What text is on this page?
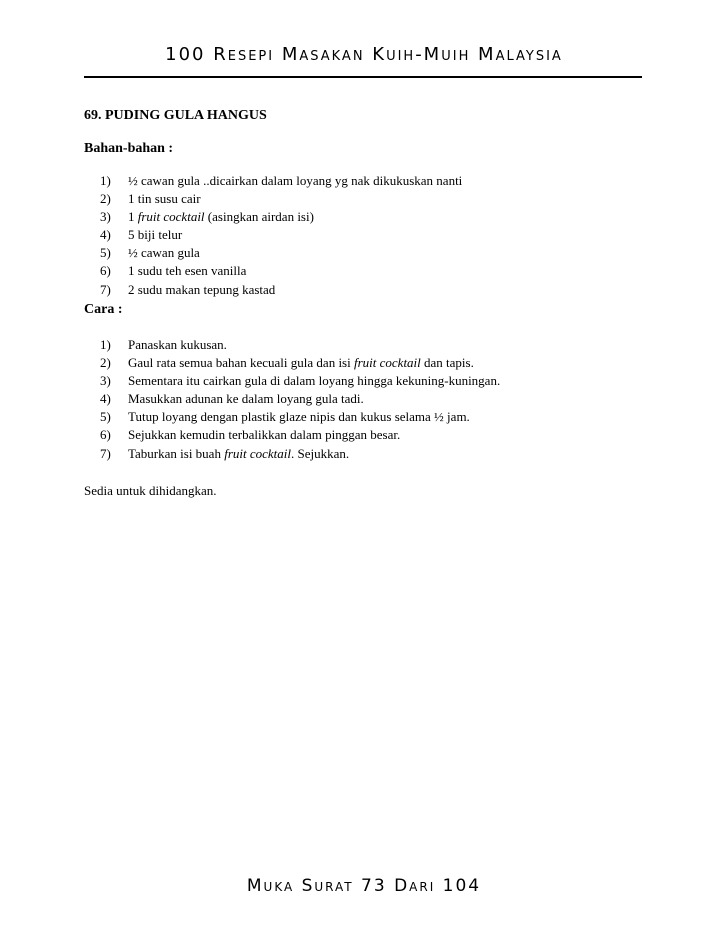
100 Resepi Masakan Kuih-Muih Malaysia
69. PUDING GULA HANGUS
Bahan-bahan :
1)	½ cawan gula ..dicairkan dalam loyang yg nak dikukuskan nanti
2)	1 tin susu cair
3)	1 fruit cocktail (asingkan airdan isi)
4)	5 biji telur
5)	½ cawan gula
6)	1 sudu teh esen vanilla
7)	2 sudu makan tepung kastad
Cara :
1)	Panaskan kukusan.
2)	Gaul rata semua bahan kecuali gula dan isi fruit cocktail dan tapis.
3)	Sementara itu cairkan gula di dalam loyang hingga kekuning-kuningan.
4)	Masukkan adunan ke dalam loyang gula tadi.
5)	Tutup loyang dengan plastik glaze nipis dan kukus selama ½ jam.
6)	Sejukkan kemudin terbalikkan dalam pinggan besar.
7)	Taburkan isi buah fruit cocktail. Sejukkan.
Sedia untuk dihidangkan.
Muka Surat 73 Dari 104
